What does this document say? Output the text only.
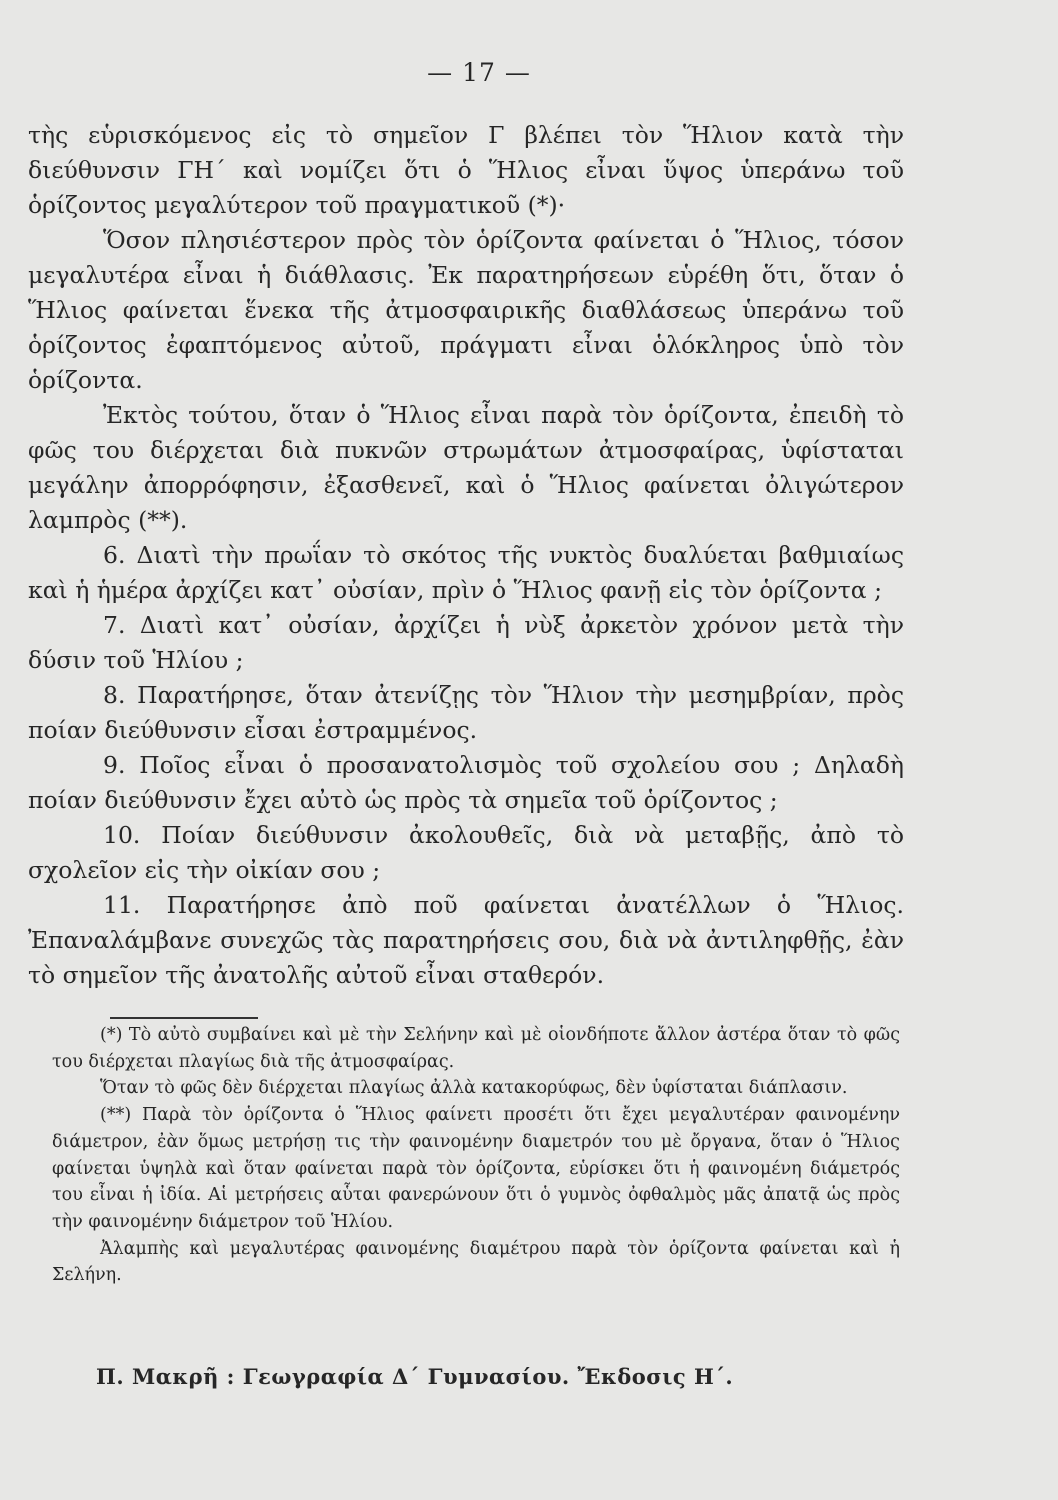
— 17 —

τὴς εὑρισκόμενος εἰς τὸ σημεῖον Γ βλέπει τὸν Ἥλιον κατὰ τὴν διεύθυνσιν ΓΗ΄ καὶ νομίζει ὅτι ὁ Ἥλιος εἶναι ὕψος ὑπεράνω τοῦ ὁρίζοντος μεγαλύτερον τοῦ πραγματικοῦ (*)·

Ὅσον πλησιέστερον πρὸς τὸν ὁρίζοντα φαίνεται ὁ Ἥλιος, τόσον μεγαλυτέρα εἶναι ἡ διάθλασις. Ἐκ παρατηρήσεων εὑρέθη ὅτι, ὅταν ὁ Ἥλιος φαίνεται ἕνεκα τῆς ἀτμοσφαιρικῆς διαθλάσεως ὑπεράνω τοῦ ὁρίζοντος ἐφαπτόμενος αὐτοῦ, πράγματι εἶναι ὁλόκληρος ὑπὸ τὸν ὁρίζοντα.

Ἐκτὸς τούτου, ὅταν ὁ Ἥλιος εἶναι παρὰ τὸν ὁρίζοντα, ἐπειδὴ τὸ φῶς του διέρχεται διὰ πυκνῶν στρωμάτων ἀτμοσφαίρας, ὑφίσταται μεγάλην ἀπορρόφησιν, ἐξασθενεῖ, καὶ ὁ Ἥλιος φαίνεται ὀλιγώτερον λαμπρὸς (**).

6. Διατὶ τὴν πρωΐαν τὸ σκότος τῆς νυκτὸς δυαλύεται βαθμιαίως καὶ ἡ ἡμέρα ἀρχίζει κατ᾿ οὐσίαν, πρὶν ὁ Ἥλιος φανῇ εἰς τὸν ὁρίζοντα ;

7. Διατὶ κατ᾿ οὐσίαν, ἀρχίζει ἡ νὺξ ἀρκετὸν χρόνον μετὰ τὴν δύσιν τοῦ Ἡλίου ;

8. Παρατήρησε, ὅταν ἀτενίζῃς τὸν Ἥλιον τὴν μεσημβρίαν, πρὸς ποίαν διεύθυνσιν εἶσαι ἐστραμμένος.

9. Ποῖος εἶναι ὁ προσανατολισμὸς τοῦ σχολείου σου ; Δηλαδὴ ποίαν διεύθυνσιν ἔχει αὐτὸ ὡς πρὸς τὰ σημεῖα τοῦ ὁρίζοντος ;

10. Ποίαν διεύθυνσιν ἀκολουθεῖς, διὰ νὰ μεταβῇς, ἀπὸ τὸ σχολεῖον εἰς τὴν οἰκίαν σου ;

11. Παρατήρησε ἀπὸ ποῦ φαίνεται ἀνατέλλων ὁ Ἥλιος. Ἐπαναλάμβανε συνεχῶς τὰς παρατηρήσεις σου, διὰ νὰ ἀντιληφθῇς, ἐὰν τὸ σημεῖον τῆς ἀνατολῆς αὐτοῦ εἶναι σταθερόν.

(*) Τὸ αὐτὸ συμβαίνει καὶ μὲ τὴν Σελήνην καὶ μὲ οἱονδήποτε ἄλλον ἀστέρα ὅταν τὸ φῶς του διέρχεται πλαγίως διὰ τῆς ἀτμοσφαίρας.

Ὅταν τὸ φῶς δὲν διέρχεται πλαγίως ἀλλὰ κατακορύφως, δὲν ὑφίσταται διάπλασιν.

(**) Παρὰ τὸν ὁρίζοντα ὁ Ἥλιος φαίνετι προσέτι ὅτι ἔχει μεγαλυτέραν φαινομένην διάμετρον, ἐὰν ὅμως μετρήσῃ τις τὴν φαινομένην διαμετρόν του μὲ ὄργανα, ὅταν ὁ Ἥλιος φαίνεται ὑψηλὰ καὶ ὅταν φαίνεται παρὰ τὸν ὁρίζοντα, εὑρίσκει ὅτι ἡ φαινομένη διάμετρός του εἶναι ἡ ἰδία. Αἱ μετρήσεις αὗται φανερώνουν ὅτι ὁ γυμνὸς ὀφθαλμὸς μᾶς ἀπατᾷ ὡς πρὸς τὴν φαινομένην διάμετρον τοῦ Ἡλίου.

Ἀλαμπὴς καὶ μεγαλυτέρας φαινομένης διαμέτρου παρὰ τὸν ὁρίζοντα φαίνεται καὶ ἡ Σελήνη.

Π. Μακρῆ : Γεωγραφία Δ΄ Γυμνασίου. Ἔκδοσις Η΄.
